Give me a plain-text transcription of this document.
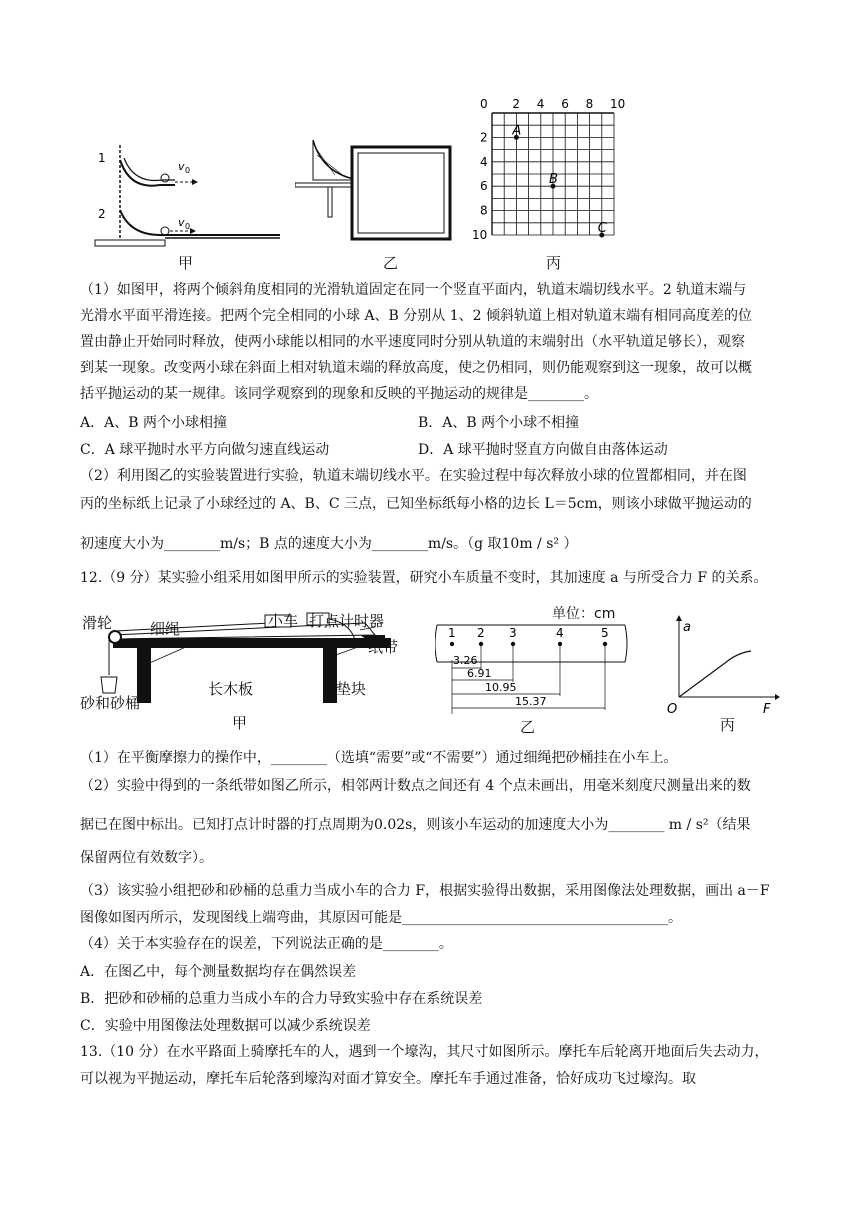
1
2
v 0
v 0
甲	乙
0 2 4 6 8 10
2
4
6
8
10
A
B
C
丙

（1）如图甲，将两个倾斜角度相同的光滑轨道固定在同一个竖直平面内，轨道末端切线水平。2 轨道末端与

光滑水平面平滑连接。把两个完全相同的小球 A、B 分别从 1、2 倾斜轨道上相对轨道末端有相同高度差的位

置由静止开始同时释放，使两小球能以相同的水平速度同时分别从轨道的末端射出（水平轨道足够长），观察

到某一现象。改变两小球在斜面上相对轨道末端的释放高度，使之仍相同，则仍能观察到这一现象，故可以概

括平抛运动的某一规律。该同学观察到的现象和反映的平抛运动的规律是________。

A．A、B 两个小球相撞	B．A、B 两个小球不相撞
C．A 球平抛时水平方向做匀速直线运动	D．A 球平抛时竖直方向做自由落体运动

（2）利用图乙的实验装置进行实验，轨道末端切线水平。在实验过程中每次释放小球的位置都相同，并在图

丙的坐标纸上记录了小球经过的 A、B、C 三点，已知坐标纸每小格的边长 L＝5cm，则该小球做平抛运动的

初速度大小为________m/s；B 点的速度大小为________m/s。（g 取10m / s² ）

12.（9 分）某实验小组采用如图甲所示的实验装置，研究小车质量不变时，其加速度 a 与所受合力 F 的关系。

滑轮	细绳	小车 打点计时器
纸带
长木板	垫块
砂和砂桶
甲
单位：cm
1 2 3	4	5
3.26
6.91
10.95
15.37
乙
a
F
O
丙

（1）在平衡摩擦力的操作中，________（选填“需要”或“不需要”）通过细绳把砂桶挂在小车上。

（2）实验中得到的一条纸带如图乙所示，相邻两计数点之间还有 4 个点未画出，用毫米刻度尺测量出来的数

据已在图中标出。已知打点计时器的打点周期为0.02s，则该小车运动的加速度大小为________ m / s²（结果

保留两位有效数字）。

（3）该实验小组把砂和砂桶的总重力当成小车的合力 F，根据实验得出数据，采用图像法处理数据，画出 a－F

图像如图丙所示，发现图线上端弯曲，其原因可能是______________________________________。

（4）关于本实验存在的误差，下列说法正确的是________。

A．在图乙中，每个测量数据均存在偶然误差
B．把砂和砂桶的总重力当成小车的合力导致实验中存在系统误差
C．实验中用图像法处理数据可以减少系统误差

13.（10 分）在水平路面上骑摩托车的人，遇到一个壕沟，其尺寸如图所示。摩托车后轮离开地面后失去动力，

可以视为平抛运动，摩托车后轮落到壕沟对面才算安全。摩托车手通过准备，恰好成功飞过壕沟。取
